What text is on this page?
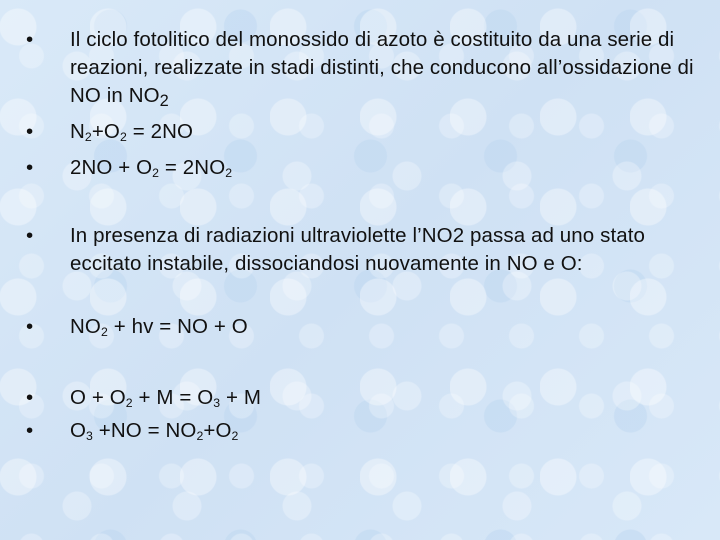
•	Il ciclo fotolitico del monossido di azoto è costituito da una serie di reazioni, realizzate in stadi distinti, che conducono all’ossidazione di NO in $NO_2$
•	$N_2+O_2 = 2NO$
•	$2NO + O_2 = 2NO_2$
•	In presenza di radiazioni ultraviolette l’NO2 passa ad uno stato eccitato instabile, dissociandosi nuovamente in NO e O:
•	$NO_2$ + hv = NO + O
•	$O + O_2 + M = O_3 + M$
•	$O_3 +NO = NO_2+O_2$
